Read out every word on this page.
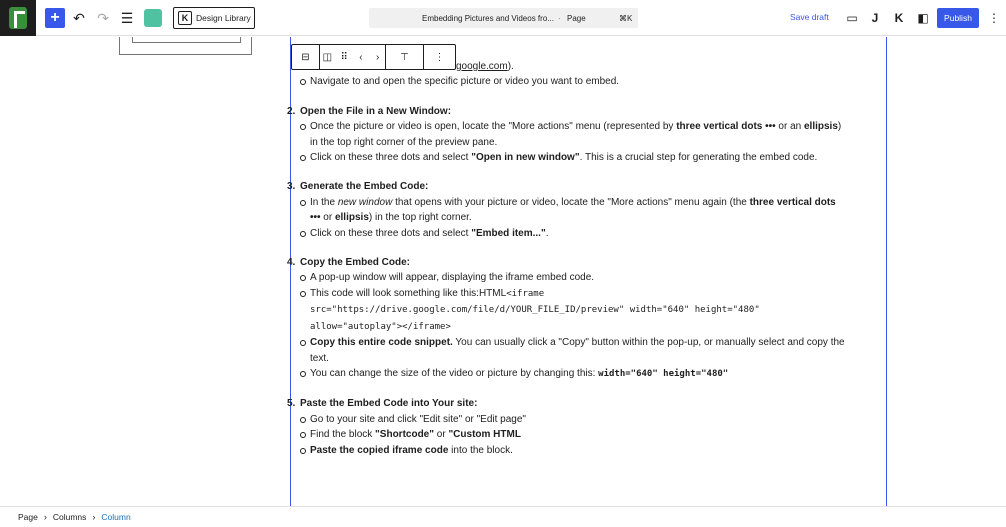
+ ↶ ↷ ☰	K Design Library	Embedding Pictures and Videos fro... · Page	⌘K	Save draft ▭	J	K	◧	Publish	⋮
google.com).
Navigate to and open the specific picture or video you want to embed.
2. Open the File in a New Window:
Once the picture or video is open, locate the "More actions" menu (represented by three vertical dots ••• or an ellipsis)
in the top right corner of the preview pane.
Click on these three dots and select "Open in new window". This is a crucial step for generating the embed code.
3. Generate the Embed Code:
In the new window that opens with your picture or video, locate the "More actions" menu again (the three vertical dots
••• or ellipsis) in the top right corner.
Click on these three dots and select "Embed item...".
4. Copy the Embed Code:
A pop-up window will appear, displaying the iframe embed code.
This code will look something like this:HTML<iframe
src="https://drive.google.com/file/d/YOUR_FILE_ID/preview" width="640" height="480"
allow="autoplay"></iframe>
Copy this entire code snippet. You can usually click a "Copy" button within the pop-up, or manually select and copy the
text.
You can change the size of the video or picture by changing this: width="640" height="480"
5. Paste the Embed Code into Your site:
Go to your site and click "Edit site" or "Edit page"
Find the block "Shortcode" or "Custom HTML
Paste the copied iframe code into the block.
⊟	◫ ⠿	‹	›	⊤	⋮
Page › Columns › Column
